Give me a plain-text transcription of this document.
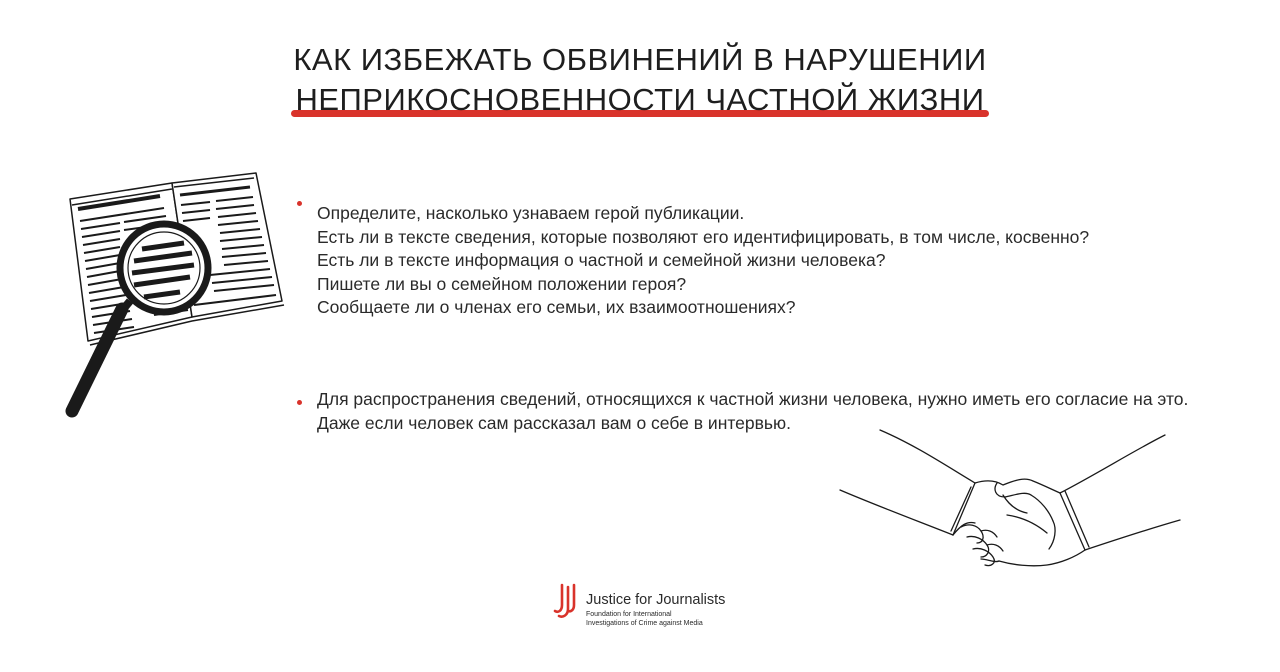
КАК ИЗБЕЖАТЬ ОБВИНЕНИЙ В НАРУШЕНИИ
НЕПРИКОСНОВЕННОСТИ ЧАСТНОЙ ЖИЗНИ

Определите, насколько узнаваем герой публикации.

Есть ли в тексте сведения, которые позволяют его идентифицировать, в том числе, косвенно?

Есть ли в тексте информация о частной и семейной жизни человека?

Пишете ли вы о семейном положении героя?

Сообщаете ли о членах его семьи, их взаимоотношениях?

Для распространения сведений, относящихся к частной жизни человека, нужно иметь его согласие на это.

Даже если человек сам рассказал вам о себе в интервью.

Justice for Journalists
Foundation for International
Investigations of Crime against Media
